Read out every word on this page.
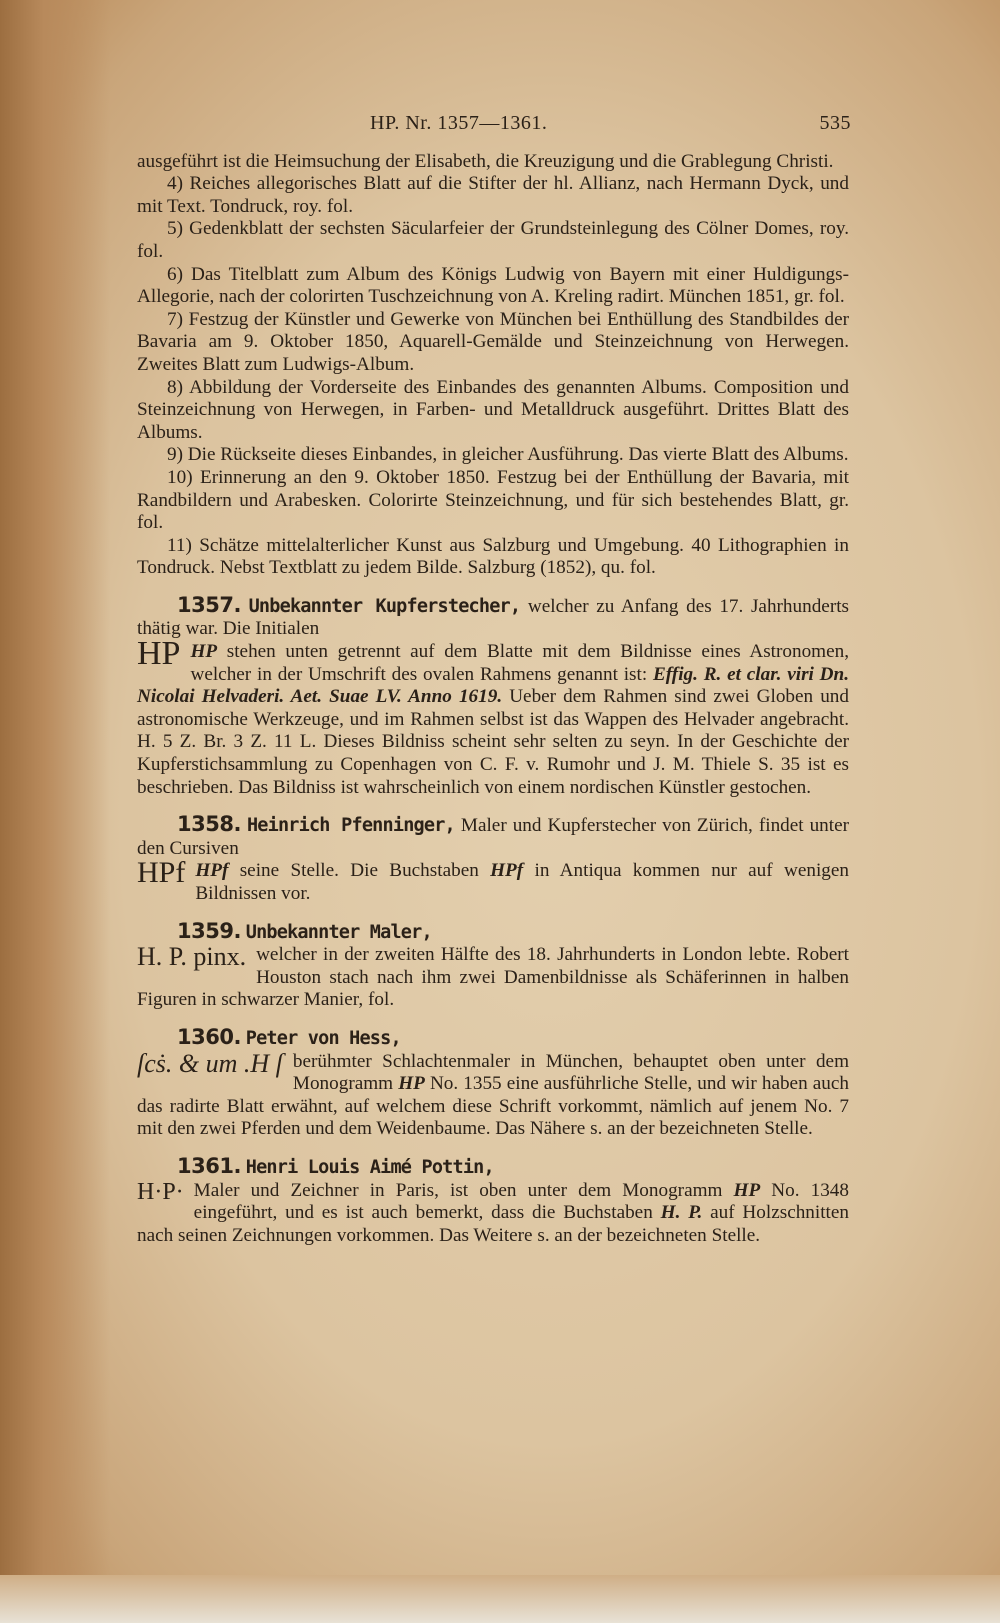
HP. Nr. 1357—1361.	535

ausgeführt ist die Heimsuchung der Elisabeth, die Kreuzigung und die Grablegung Christi.

4) Reiches allegorisches Blatt auf die Stifter der hl. Allianz, nach Hermann Dyck, und mit Text. Tondruck, roy. fol.

5) Gedenkblatt der sechsten Säcularfeier der Grundsteinlegung des Cölner Domes, roy. fol.

6) Das Titelblatt zum Album des Königs Ludwig von Bayern mit einer Huldigungs-Allegorie, nach der colorirten Tuschzeichnung von A. Kreling radirt. München 1851, gr. fol.

7) Festzug der Künstler und Gewerke von München bei Enthüllung des Standbildes der Bavaria am 9. Oktober 1850, Aquarell-Gemälde und Steinzeichnung von Herwegen. Zweites Blatt zum Ludwigs-Album.

8) Abbildung der Vorderseite des Einbandes des genannten Albums. Composition und Steinzeichnung von Herwegen, in Farben- und Metalldruck ausgeführt. Drittes Blatt des Albums.

9) Die Rückseite dieses Einbandes, in gleicher Ausführung. Das vierte Blatt des Albums.

10) Erinnerung an den 9. Oktober 1850. Festzug bei der Enthüllung der Bavaria, mit Randbildern und Arabesken. Colorirte Steinzeichnung, und für sich bestehendes Blatt, gr. fol.

11) Schätze mittelalterlicher Kunst aus Salzburg und Umgebung. 40 Lithographien in Tondruck. Nebst Textblatt zu jedem Bilde. Salzburg (1852), qu. fol.

1357. Unbekannter Kupferstecher, welcher zu Anfang des 17. Jahrhunderts thätig war. Die Initialen

HP HP stehen unten getrennt auf dem Blatte mit dem Bildnisse eines Astronomen, welcher in der Umschrift des ovalen Rahmens genannt ist: Effig. R. et clar. viri Dn. Nicolai Helvaderi. Aet. Suae LV. Anno 1619. Ueber dem Rahmen sind zwei Globen und astronomische Werkzeuge, und im Rahmen selbst ist das Wappen des Helvader angebracht. H. 5 Z. Br. 3 Z. 11 L. Dieses Bildniss scheint sehr selten zu seyn. In der Geschichte der Kupferstichsammlung zu Copenhagen von C. F. v. Rumohr und J. M. Thiele S. 35 ist es beschrieben. Das Bildniss ist wahrscheinlich von einem nordischen Künstler gestochen.

1358. Heinrich Pfenninger, Maler und Kupferstecher von Zürich, findet unter den Cursiven

HPf HPf seine Stelle. Die Buchstaben HPf in Antiqua kommen nur auf wenigen Bildnissen vor.

1359. Unbekannter Maler,

H. P. pinx. welcher in der zweiten Hälfte des 18. Jahrhunderts in London lebte. Robert Houston stach nach ihm zwei Damenbildnisse als Schäferinnen in halben Figuren in schwarzer Manier, fol.

1360. Peter von Hess,

ſcṡ. & um .H ſ berühmter Schlachtenmaler in München, behauptet oben unter dem Monogramm HP No. 1355 eine ausführliche Stelle, und wir haben auch das radirte Blatt erwähnt, auf welchem diese Schrift vorkommt, nämlich auf jenem No. 7 mit den zwei Pferden und dem Weidenbaume. Das Nähere s. an der bezeichneten Stelle.

1361. Henri Louis Aimé Pottin,

H·P· Maler und Zeichner in Paris, ist oben unter dem Monogramm HP No. 1348 eingeführt, und es ist auch bemerkt, dass die Buchstaben H. P. auf Holzschnitten nach seinen Zeichnungen vorkommen. Das Weitere s. an der bezeichneten Stelle.
